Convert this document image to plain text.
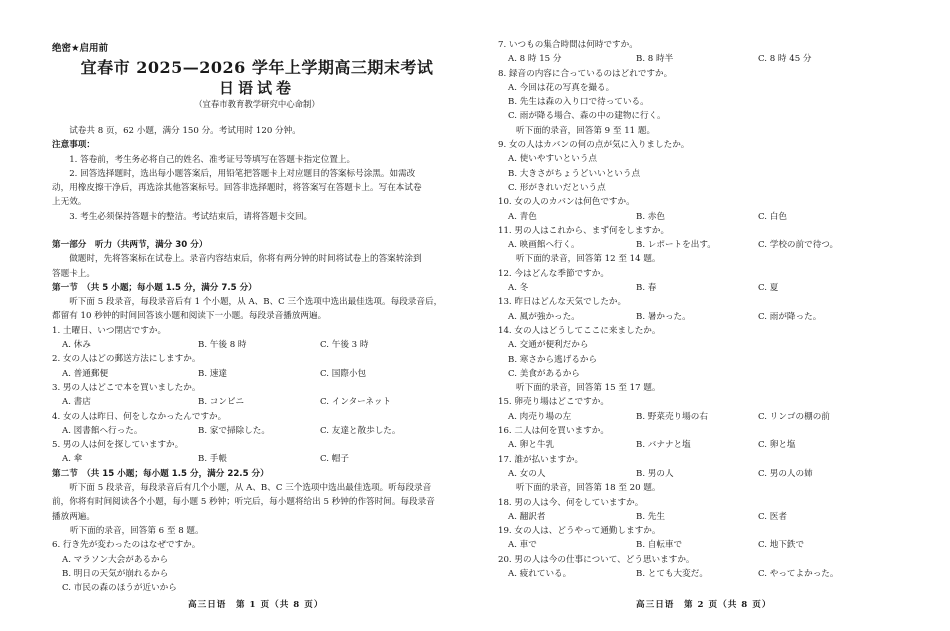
绝密★启用前
宜春市 2025—2026 学年上学期高三期末考试
日语试卷
（宜春市教育教学研究中心命制）

试卷共 8 页，62 小题，满分 150 分。考试用时 120 分钟。

注意事项：

1. 答卷前，考生务必将自己的姓名、准考证号等填写在答题卡指定位置上。

2. 回答选择题时，选出每小题答案后，用铅笔把答题卡上对应题目的答案标号涂黑。如需改

动，用橡皮擦干净后，再选涂其他答案标号。回答非选择题时，将答案写在答题卡上。写在本试卷

上无效。

3. 考生必须保持答题卡的整洁。考试结束后，请将答题卡交回。

第一部分　听力（共两节，满分 30 分）

做题时，先将答案标在试卷上。录音内容结束后，你将有两分钟的时间将试卷上的答案转涂到

答题卡上。

第一节　（共 5 小题；每小题 1.5 分，满分 7.5 分）

听下面 5 段录音，每段录音后有 1 个小题，从 A、B、C 三个选项中选出最佳选项。每段录音后，

都留有 10 秒钟的时间回答该小题和阅读下一小题。每段录音播放两遍。

1. 土曜日、いつ閉店ですか。

A. 休み	B. 午後 8 時	C. 午後 3 時

2. 女の人はどの郵送方法にしますか。

A. 普通郵便	B. 速達	C. 国際小包

3. 男の人はどこで本を買いましたか。

A. 書店	B. コンビニ	C. インターネット

4. 女の人は昨日、何をしなかったんですか。

A. 図書館へ行った。	B. 家で掃除した。	C. 友達と散歩した。

5. 男の人は何を探していますか。

A. 傘	B. 手帳	C. 帽子

第二节　（共 15 小题；每小题 1.5 分，满分 22.5 分）

听下面 5 段录音，每段录音后有几个小题，从 A、B、C 三个选项中选出最佳选项。听每段录音

前，你将有时间阅读各个小题，每小题 5 秒钟；听完后，每小题将给出 5 秒钟的作答时间。每段录音

播放两遍。

听下面的录音，回答第 6 至 8 题。

6. 行き先が変わったのはなぜですか。

A. マラソン大会があるから

B. 明日の天気が崩れるから

C. 市民の森のほうが近いから

高三日语　第 1 页（共 8 页）

7. いつもの集合時間は何時ですか。

A. 8 時 15 分	B. 8 時半	C. 8 時 45 分

8. 録音の内容に合っているのはどれですか。

A. 今回は花の写真を撮る。

B. 先生は森の入り口で待っている。

C. 雨が降る場合、森の中の建物に行く。

听下面的录音，回答第 9 至 11 题。

9. 女の人はカバンの何の点が気に入りましたか。

A. 使いやすいという点

B. 大きさがちょうどいいという点

C. 形がきれいだという点

10. 女の人のカバンは何色ですか。

A. 青色	B. 赤色	C. 白色

11. 男の人はこれから、まず何をしますか。

A. 映画館へ行く。	B. レポートを出す。	C. 学校の前で待つ。

听下面的录音，回答第 12 至 14 题。

12. 今はどんな季節ですか。

A. 冬	B. 春	C. 夏

13. 昨日はどんな天気でしたか。

A. 風が強かった。	B. 暑かった。	C. 雨が降った。

14. 女の人はどうしてここに来ましたか。

A. 交通が便利だから

B. 寒さから逃げるから

C. 美食があるから

听下面的录音，回答第 15 至 17 题。

15. 卵売り場はどこですか。

A. 肉売り場の左	B. 野菜売り場の右	C. リンゴの棚の前

16. 二人は何を買いますか。

A. 卵と牛乳	B. バナナと塩	C. 卵と塩

17. 誰が払いますか。

A. 女の人	B. 男の人	C. 男の人の姉

听下面的录音，回答第 18 至 20 题。

18. 男の人は今、何をしていますか。

A. 翻訳者	B. 先生	C. 医者

19. 女の人は、どうやって通勤しますか。

A. 車で	B. 自転車で	C. 地下鉄で

20. 男の人は今の仕事について、どう思いますか。

A. 疲れている。	B. とても大変だ。	C. やってよかった。
高三日语　第 2 页（共 8 页）
